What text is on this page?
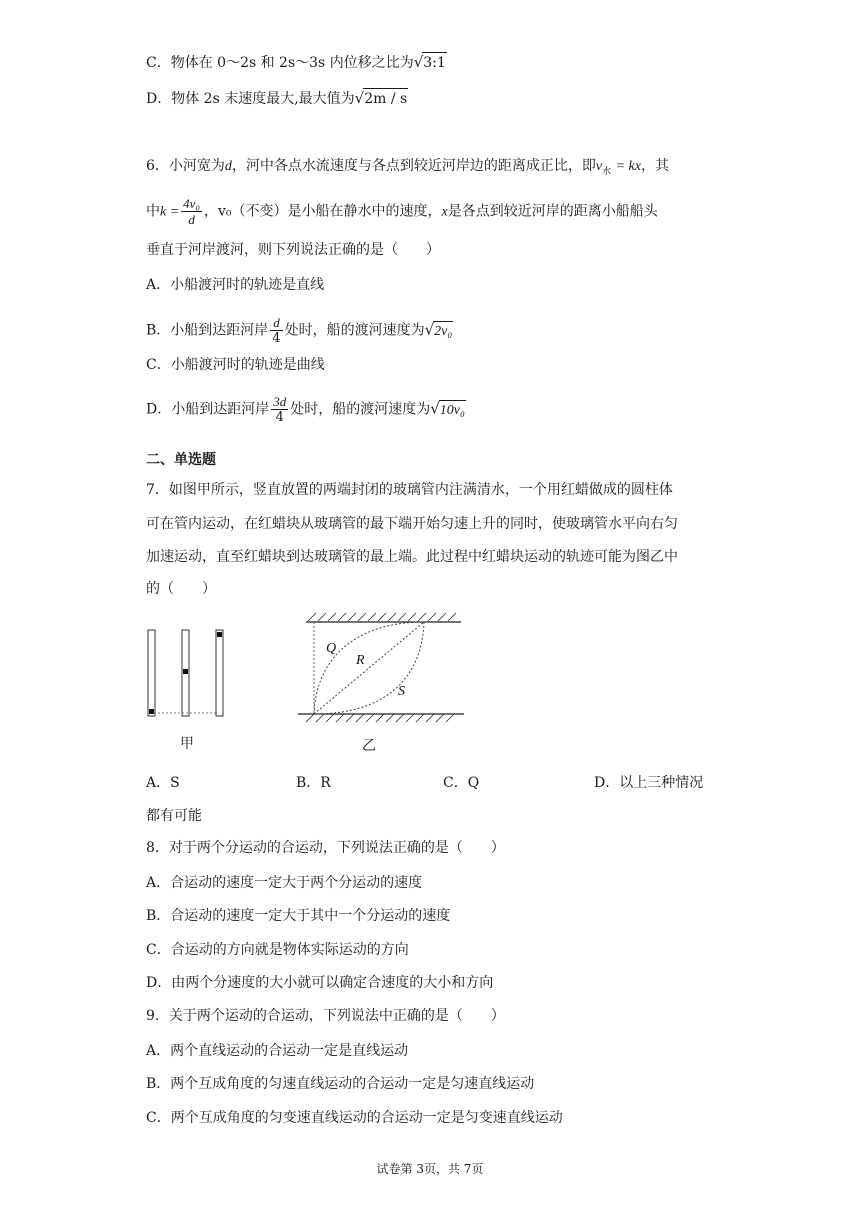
C．物体在 0～2s 和 2s～3s 内位移之比为√3:1
D．物体 2s 末速度最大,最大值为√2m / s
6．小河宽为d，河中各点水流速度与各点到较近河岸边的距离成正比，即$v_水$ = kx，其
中$k = \frac{\text{4v₀}}{d}$ ，v₀（不变）是小船在静水中的速度，x是各点到较近河岸的距离小船船头
垂直于河岸渡河，则下列说法正确的是（　　）
A．小船渡河时的轨迹是直线
B．小船到达距河岸 $\frac{d}{4}$ 处时，船的渡河速度为√2v₀
C．小船渡河时的轨迹是曲线
D．小船到达距河岸 $\frac{3d}{4}$ 处时，船的渡河速度为√10v₀
二、单选题
7．如图甲所示，竖直放置的两端封闭的玻璃管内注满清水，一个用红蜡做成的圆柱体
可在管内运动，在红蜡块从玻璃管的最下端开始匀速上升的同时，使玻璃管水平向右匀
加速运动，直至红蜡块到达玻璃管的最上端。此过程中红蜡块运动的轨迹可能为图乙中
的（　　）
甲
Q
R
S
乙
A．S	B．R	C．Q	D．以上三种情况
都有可能
8．对于两个分运动的合运动，下列说法正确的是（　　）
A．合运动的速度一定大于两个分运动的速度
B．合运动的速度一定大于其中一个分运动的速度
C．合运动的方向就是物体实际运动的方向
D．由两个分速度的大小就可以确定合速度的大小和方向
9．关于两个运动的合运动，下列说法中正确的是（　　）
A．两个直线运动的合运动一定是直线运动
B．两个互成角度的匀速直线运动的合运动一定是匀速直线运动
C．两个互成角度的匀变速直线运动的合运动一定是匀变速直线运动
试卷第 3页，共 7页
